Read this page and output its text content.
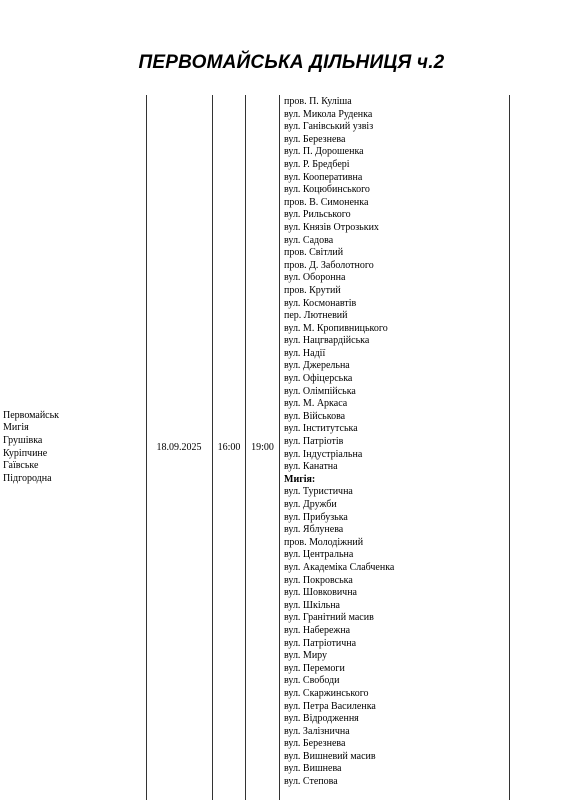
ПЕРВОМАЙСЬКА ДІЛЬНИЦЯ ч.2
Первомайськ
Мигія
Грушівка
Куріпчине
Гаївське
Підгородна
18.09.2025	16:00	19:00
пров. П. Куліша
вул. Микола Руденка
вул. Ганівський узвіз
вул. Березнева
вул. П. Дорошенка
вул. Р. Бредбері
вул. Кооперативна
вул. Коцюбинського
пров. В. Симоненка
вул. Рильського
вул. Князів Отрозьких
вул. Садова
пров. Світлий
пров. Д. Заболотного
вул. Оборонна
пров. Крутий
вул. Космонавтів
пер. Лютневий
вул. М. Кропивницького
вул. Нацгвардійська
вул. Надії
вул. Джерельна
вул. Офіцерська
вул. Олімпійська
вул. М. Аркаса
вул. Військова
вул. Інститутська
вул. Патріотів
вул. Індустріальна
вул. Канатна
Мигія:
вул. Туристична
вул. Дружби
вул. Прибузька
вул. Яблунева
пров. Молодіжний
вул. Центральна
вул. Академіка Слабченка
вул. Покровська
вул. Шовковична
вул. Шкільна
вул. Гранітний масив
вул. Набережна
вул. Патріотична
вул. Миру
вул. Перемоги
вул. Свободи
вул. Скаржинського
вул. Петра Василенка
вул. Відродження
вул. Залізнична
вул. Березнева
вул. Вишневий масив
вул. Вишнева
вул. Степова
